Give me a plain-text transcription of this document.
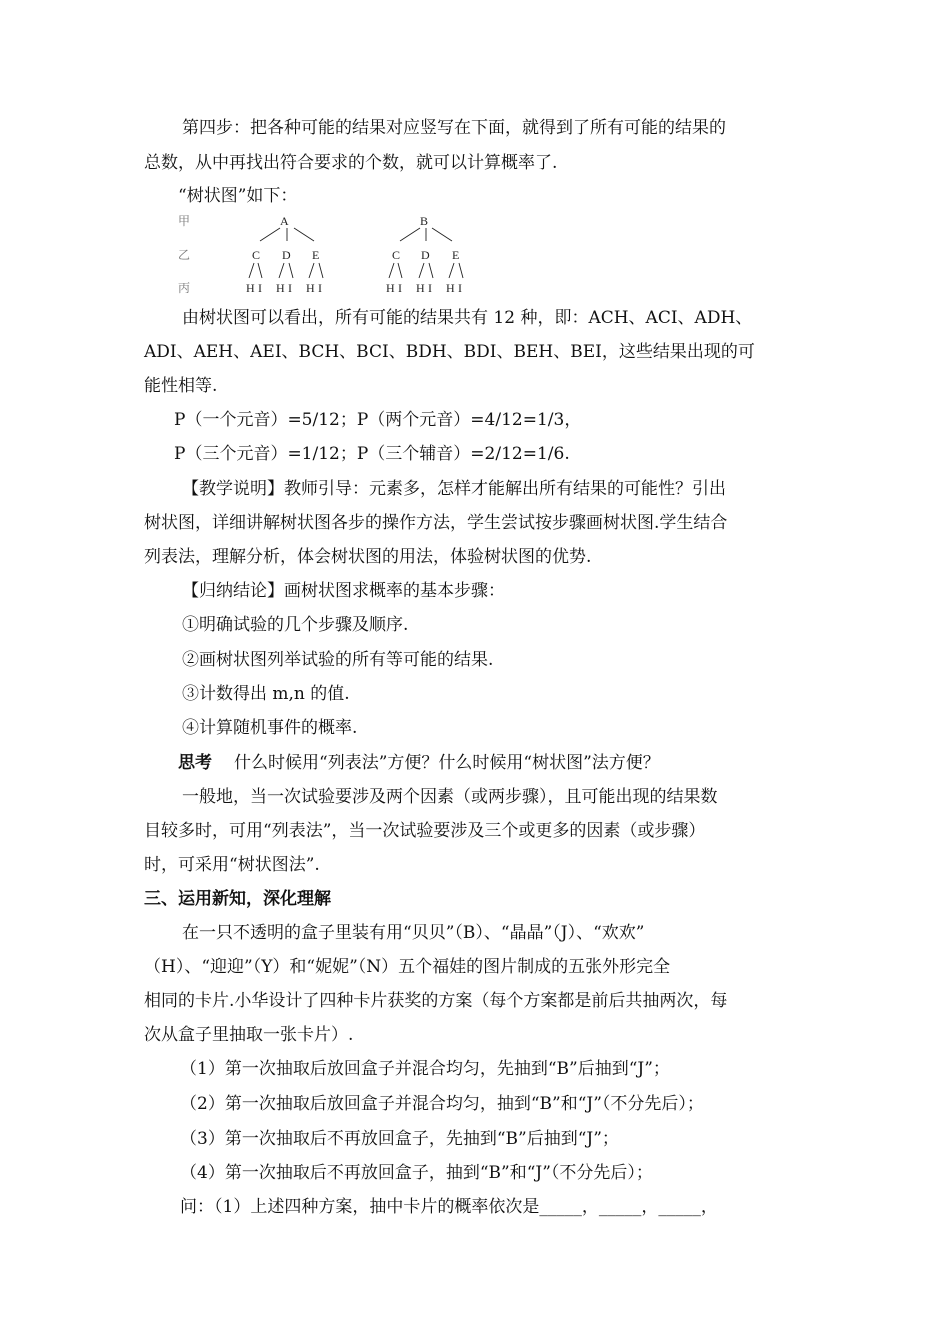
第四步：把各种可能的结果对应竖写在下面，就得到了所有可能的结果的
总数，从中再找出符合要求的个数，就可以计算概率了.
“树状图”如下：
甲
乙
丙
A
C D E
H I H I H I
B
C D E
H I H I H I
由树状图可以看出，所有可能的结果共有 12 种，即：ACH、ACI、ADH、
ADI、AEH、AEI、BCH、BCI、BDH、BDI、BEH、BEI，这些结果出现的可
能性相等.
P（一个元音）=5/12；P（两个元音）=4/12=1/3，
P（三个元音）=1/12；P（三个辅音）=2/12=1/6.
【教学说明】教师引导：元素多，怎样才能解出所有结果的可能性？引出
树状图，详细讲解树状图各步的操作方法，学生尝试按步骤画树状图.学生结合
列表法，理解分析，体会树状图的用法，体验树状图的优势.
【归纳结论】画树状图求概率的基本步骤：
①明确试验的几个步骤及顺序.
②画树状图列举试验的所有等可能的结果.
③计数得出 m,n 的值.
④计算随机事件的概率.
思考 什么时候用“列表法”方便？什么时候用“树状图”法方便？
一般地，当一次试验要涉及两个因素（或两步骤），且可能出现的结果数
目较多时，可用“列表法”，当一次试验要涉及三个或更多的因素（或步骤）
时，可采用“树状图法”.
三、运用新知，深化理解
在一只不透明的盒子里装有用“贝贝”（B）、“晶晶”（J）、“欢欢”
（H）、“迎迎”（Y）和“妮妮”（N）五个福娃的图片制成的五张外形完全
相同的卡片.小华设计了四种卡片获奖的方案（每个方案都是前后共抽两次，每
次从盒子里抽取一张卡片）.
（1）第一次抽取后放回盒子并混合均匀，先抽到“B”后抽到“J”；
（2）第一次抽取后放回盒子并混合均匀，抽到“B”和“J”（不分先后）；
（3）第一次抽取后不再放回盒子，先抽到“B”后抽到“J”；
（4）第一次抽取后不再放回盒子，抽到“B”和“J”（不分先后）；
问：（1）上述四种方案，抽中卡片的概率依次是_____，_____，_____，
